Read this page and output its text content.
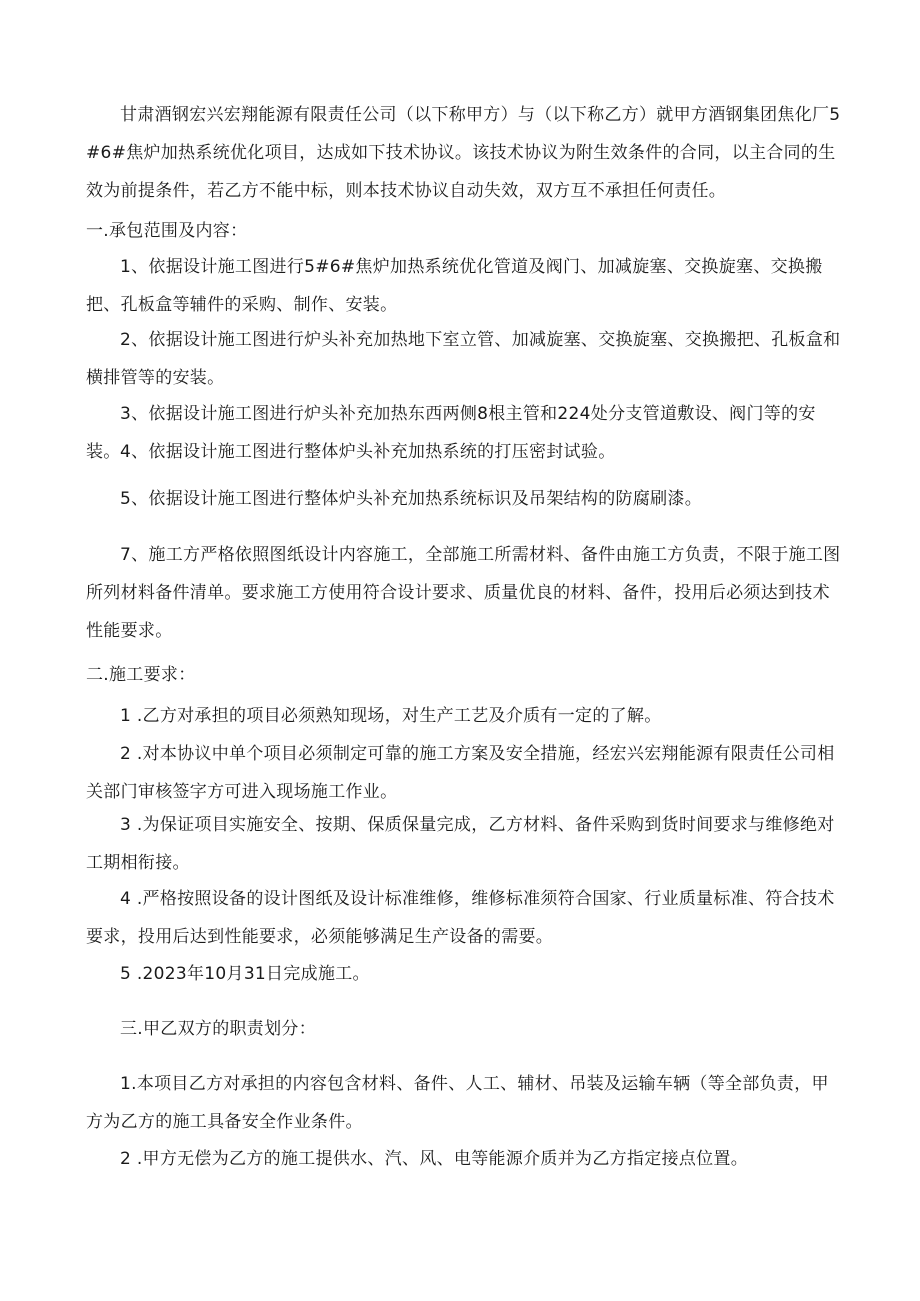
甘肃酒钢宏兴宏翔能源有限责任公司（以下称甲方）与（以下称乙方）就甲方酒钢集团焦化厂5#6#焦炉加热系统优化项目，达成如下技术协议。该技术协议为附生效条件的合同，以主合同的生效为前提条件，若乙方不能中标，则本技术协议自动失效，双方互不承担任何责任。

一.承包范围及内容：

1、依据设计施工图进行5#6#焦炉加热系统优化管道及阀门、加减旋塞、交换旋塞、交换搬把、孔板盒等辅件的采购、制作、安装。

2、依据设计施工图进行炉头补充加热地下室立管、加减旋塞、交换旋塞、交换搬把、孔板盒和横排管等的安装。

3、依据设计施工图进行炉头补充加热东西两侧8根主管和224处分支管道敷设、阀门等的安装。 4、依据设计施工图进行整体炉头补充加热系统的打压密封试验。

5、依据设计施工图进行整体炉头补充加热系统标识及吊架结构的防腐刷漆。

7、施工方严格依照图纸设计内容施工，全部施工所需材料、备件由施工方负责，不限于施工图所列材料备件清单。要求施工方使用符合设计要求、质量优良的材料、备件，投用后必须达到技术性能要求。

二.施工要求：

1 .乙方对承担的项目必须熟知现场，对生产工艺及介质有一定的了解。

2 .对本协议中单个项目必须制定可靠的施工方案及安全措施，经宏兴宏翔能源有限责任公司相关部门审核签字方可进入现场施工作业。

3 .为保证项目实施安全、按期、保质保量完成，乙方材料、备件采购到货时间要求与维修绝对工期相衔接。

4 .严格按照设备的设计图纸及设计标准维修，维修标准须符合国家、行业质量标准、符合技术要求，投用后达到性能要求，必须能够满足生产设备的需要。

5 .2023年10月31日完成施工。

三.甲乙双方的职责划分：

1.本项目乙方对承担的内容包含材料、备件、人工、辅材、吊装及运输车辆（等全部负责，甲方为乙方的施工具备安全作业条件。

2 .甲方无偿为乙方的施工提供水、汽、风、电等能源介质并为乙方指定接点位置。
